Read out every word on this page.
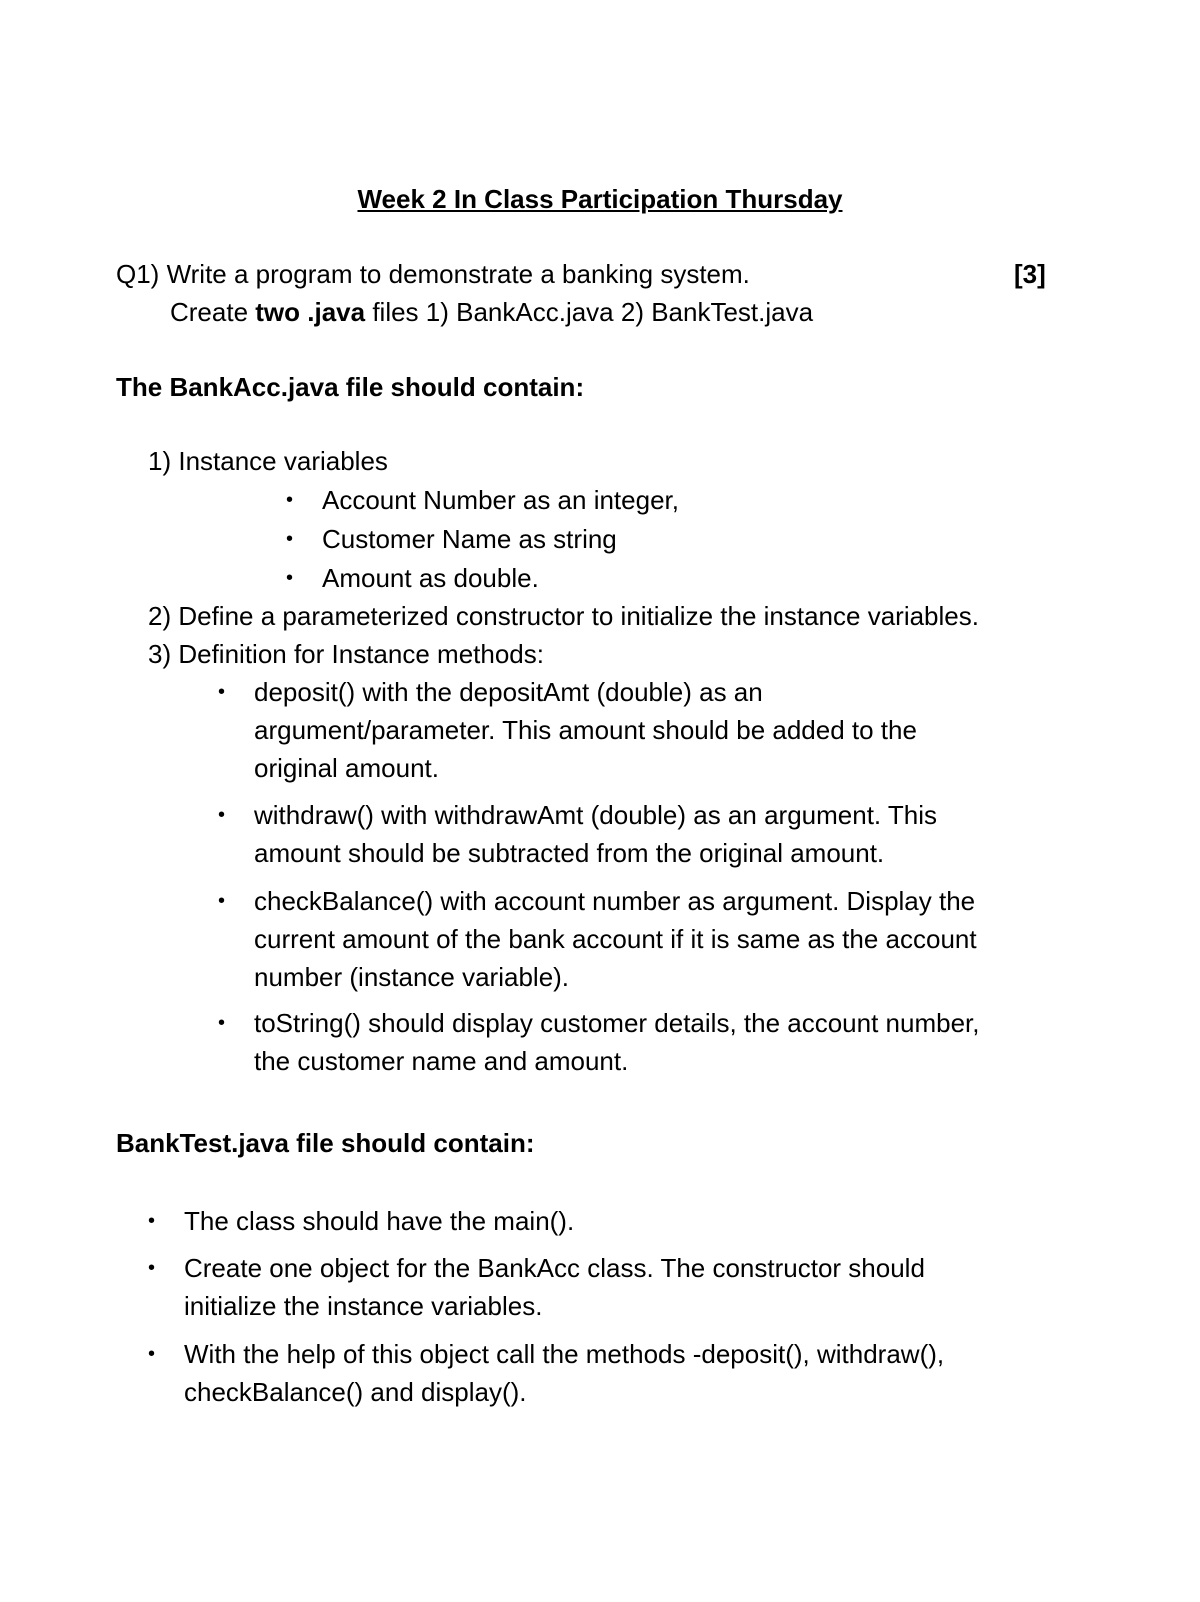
Week 2 In Class Participation Thursday
Q1) Write a program to demonstrate a banking system.	[3]
Create two .java files 1) BankAcc.java 2) BankTest.java
The BankAcc.java file should contain:
1) Instance variables
•	Account Number as an integer,
•	Customer Name as string
•	Amount as double.
2) Define a parameterized constructor to initialize the instance variables.
3) Definition for Instance methods:
•	deposit() with the depositAmt (double) as an
argument/parameter. This amount should be added to the
original amount.
•	withdraw() with withdrawAmt (double) as an argument. This
amount should be subtracted from the original amount.
•	checkBalance() with account number as argument. Display the
current amount of the bank account if it is same as the account
number (instance variable).
•	toString() should display customer details, the account number,
the customer name and amount.
BankTest.java file should contain:
•	The class should have the main().
•	Create one object for the BankAcc class. The constructor should
initialize the instance variables.
•	With the help of this object call the methods -deposit(), withdraw(),
checkBalance() and display().
